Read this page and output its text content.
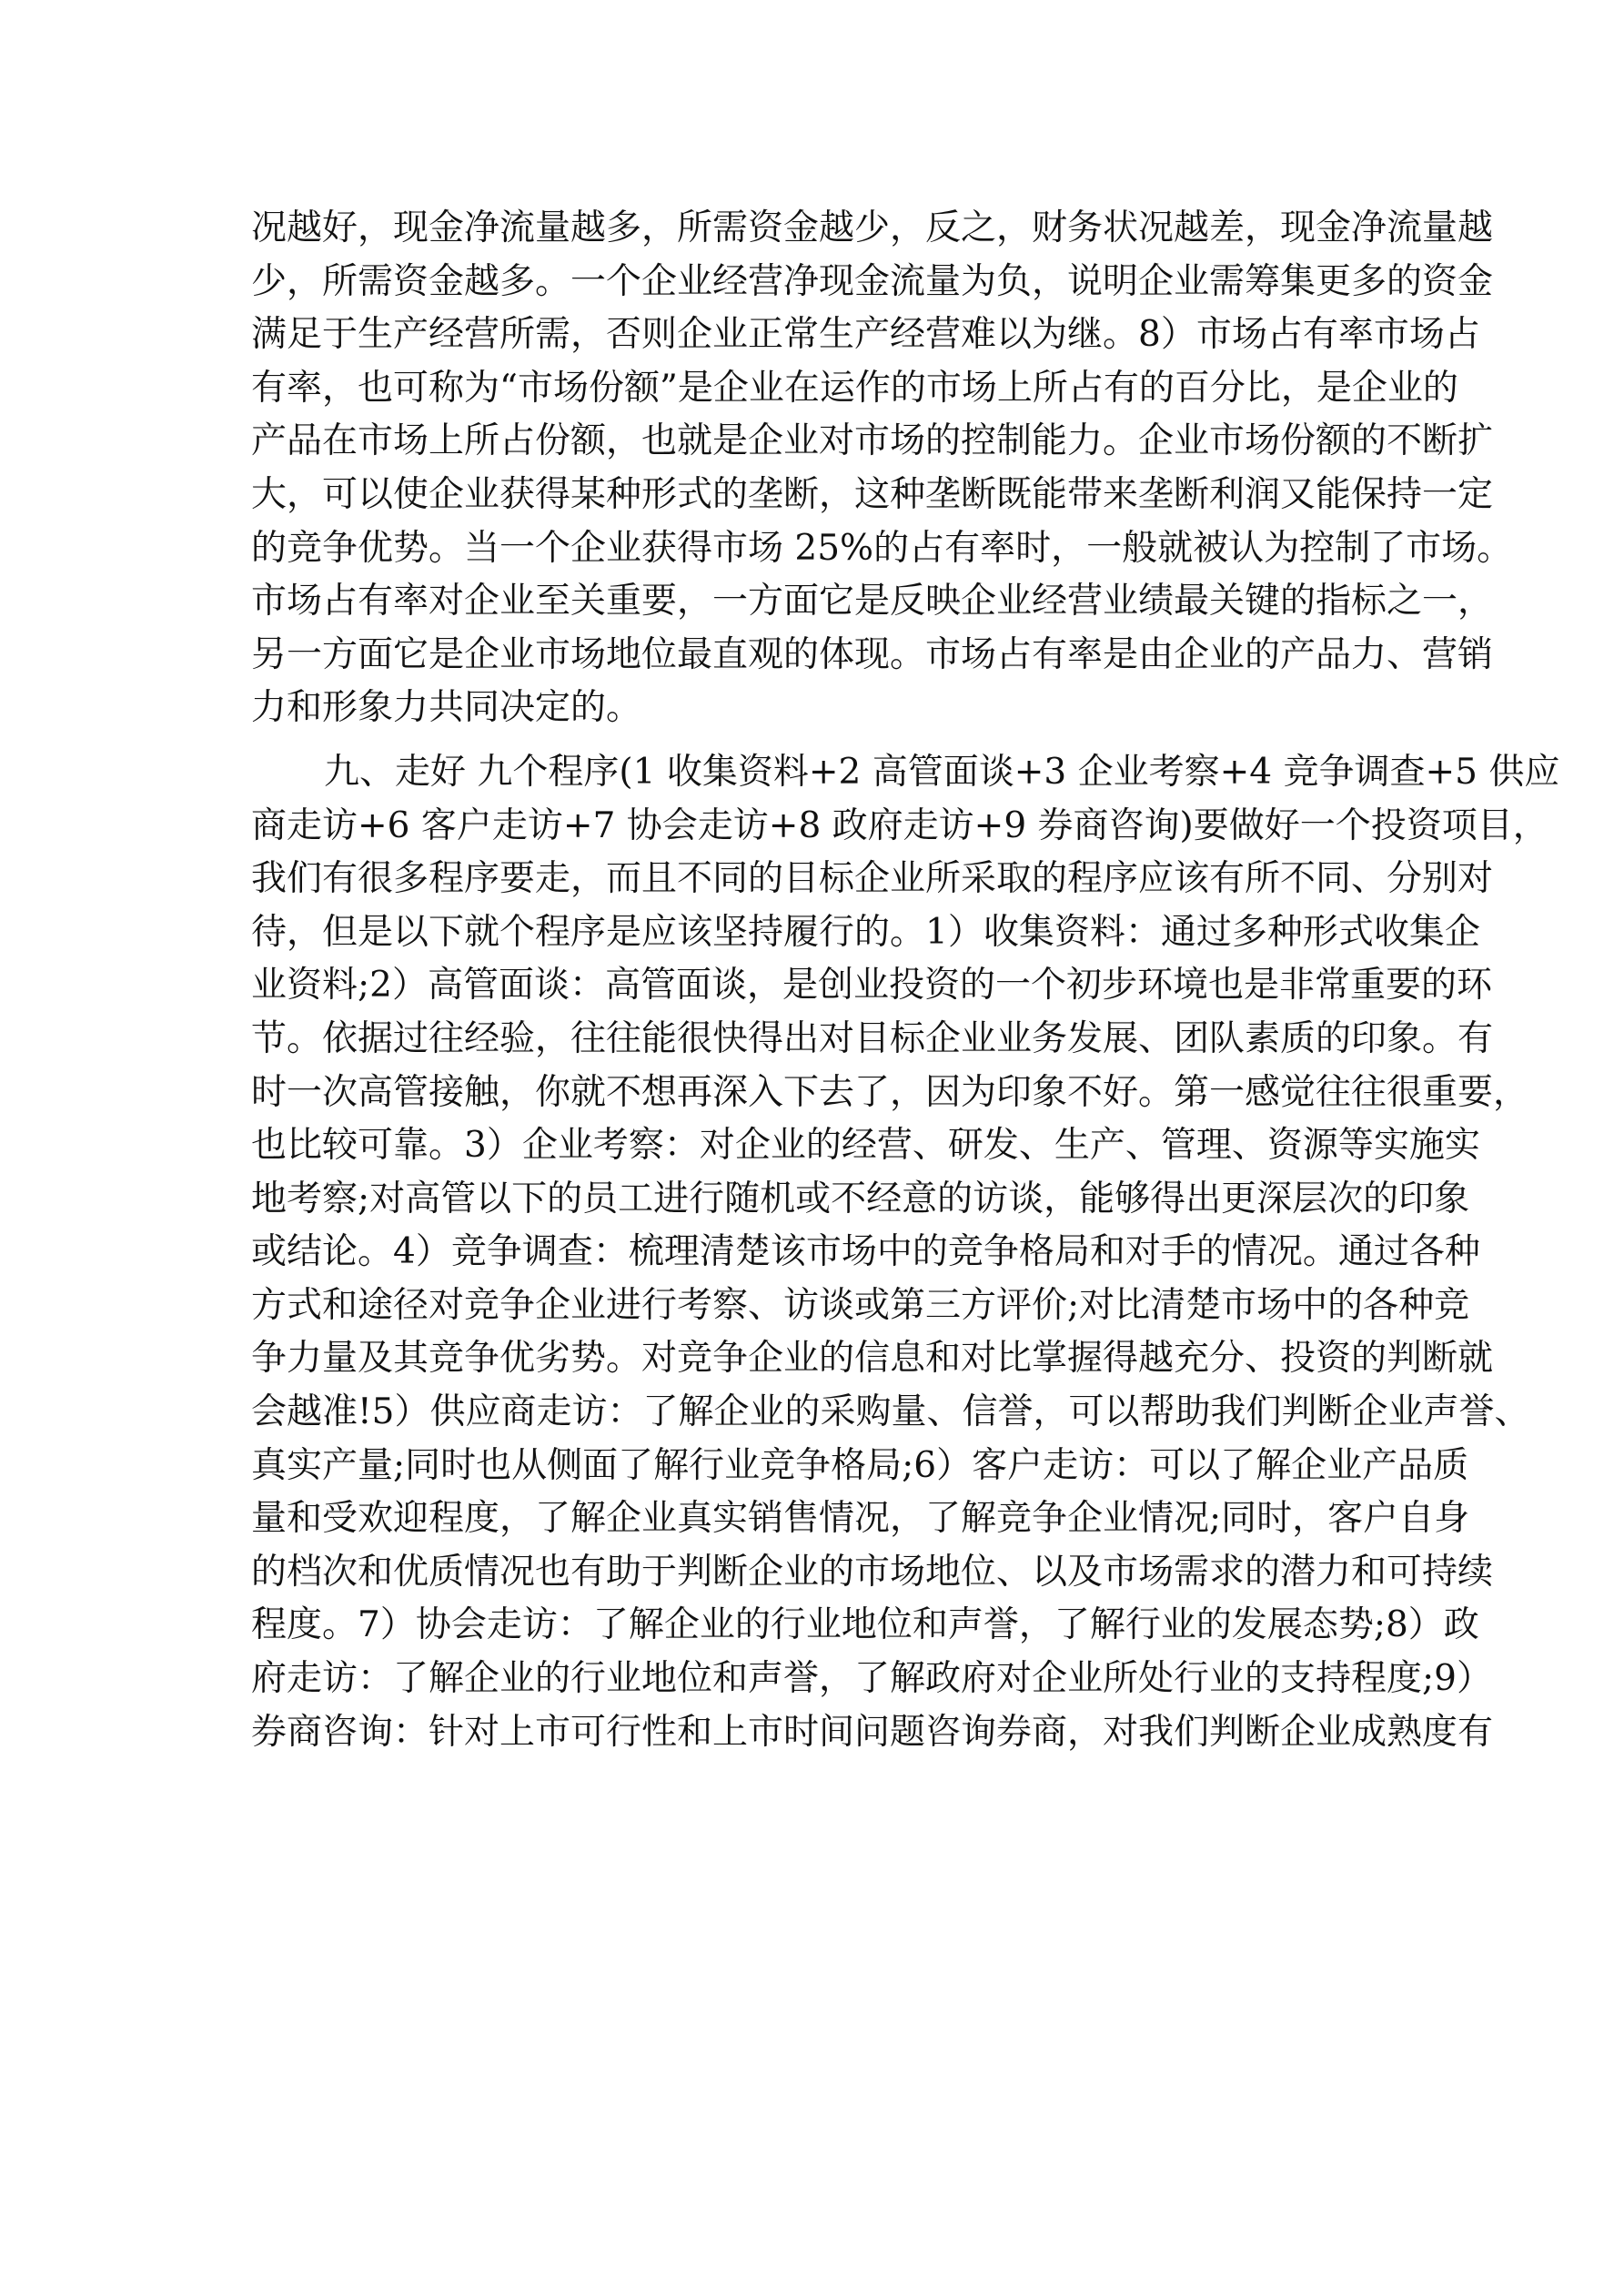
况越好，现金净流量越多，所需资金越少，反之，财务状况越差，现金净流量越
少，所需资金越多。一个企业经营净现金流量为负，说明企业需筹集更多的资金
满足于生产经营所需，否则企业正常生产经营难以为继。8）市场占有率市场占
有率，也可称为“市场份额”是企业在运作的市场上所占有的百分比，是企业的
产品在市场上所占份额，也就是企业对市场的控制能力。企业市场份额的不断扩
大，可以使企业获得某种形式的垄断，这种垄断既能带来垄断利润又能保持一定
的竞争优势。当一个企业获得市场 25%的占有率时，一般就被认为控制了市场。
市场占有率对企业至关重要，一方面它是反映企业经营业绩最关键的指标之一，
另一方面它是企业市场地位最直观的体现。市场占有率是由企业的产品力、营销
力和形象力共同决定的。
九、走好 九个程序(1 收集资料+2 高管面谈+3 企业考察+4 竞争调查+5 供应
商走访+6 客户走访+7 协会走访+8 政府走访+9 券商咨询)要做好一个投资项目，
我们有很多程序要走，而且不同的目标企业所采取的程序应该有所不同、分别对
待，但是以下就个程序是应该坚持履行的。1）收集资料：通过多种形式收集企
业资料;2）高管面谈：高管面谈，是创业投资的一个初步环境也是非常重要的环
节。依据过往经验，往往能很快得出对目标企业业务发展、团队素质的印象。有
时一次高管接触，你就不想再深入下去了，因为印象不好。第一感觉往往很重要，
也比较可靠。3）企业考察：对企业的经营、研发、生产、管理、资源等实施实
地考察;对高管以下的员工进行随机或不经意的访谈，能够得出更深层次的印象
或结论。4）竞争调查：梳理清楚该市场中的竞争格局和对手的情况。通过各种
方式和途径对竞争企业进行考察、访谈或第三方评价;对比清楚市场中的各种竞
争力量及其竞争优劣势。对竞争企业的信息和对比掌握得越充分、投资的判断就
会越准!5）供应商走访：了解企业的采购量、信誉，可以帮助我们判断企业声誉、
真实产量;同时也从侧面了解行业竞争格局;6）客户走访：可以了解企业产品质
量和受欢迎程度，了解企业真实销售情况，了解竞争企业情况;同时，客户自身
的档次和优质情况也有助于判断企业的市场地位、以及市场需求的潜力和可持续
程度。7）协会走访：了解企业的行业地位和声誉，了解行业的发展态势;8）政
府走访：了解企业的行业地位和声誉，了解政府对企业所处行业的支持程度;9）
券商咨询：针对上市可行性和上市时间问题咨询券商，对我们判断企业成熟度有
